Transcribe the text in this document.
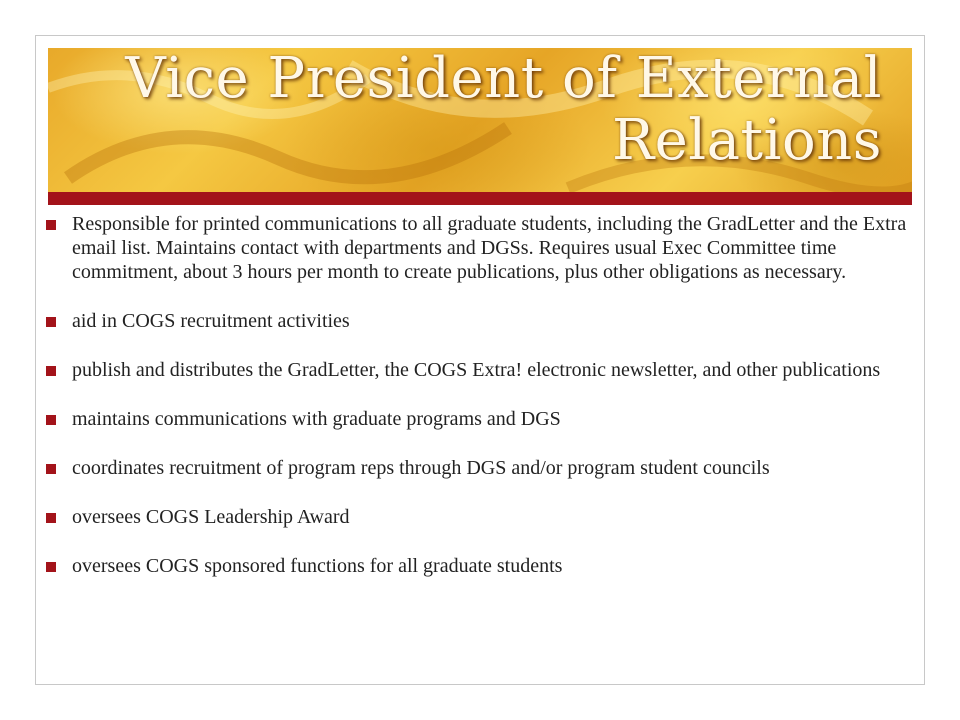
Vice President of External
Relations
Responsible for printed communications to all graduate students, including the GradLetter and the Extra email list. Maintains contact with departments and DGSs. Requires usual Exec Committee time commitment, about 3 hours per month to create publications, plus other obligations as necessary.
aid in COGS recruitment activities
publish and distributes the GradLetter, the COGS Extra! electronic newsletter, and other publications
maintains communications with graduate programs and DGS
coordinates recruitment of program reps through DGS and/or program student councils
oversees COGS Leadership Award
oversees COGS sponsored functions for all graduate students
